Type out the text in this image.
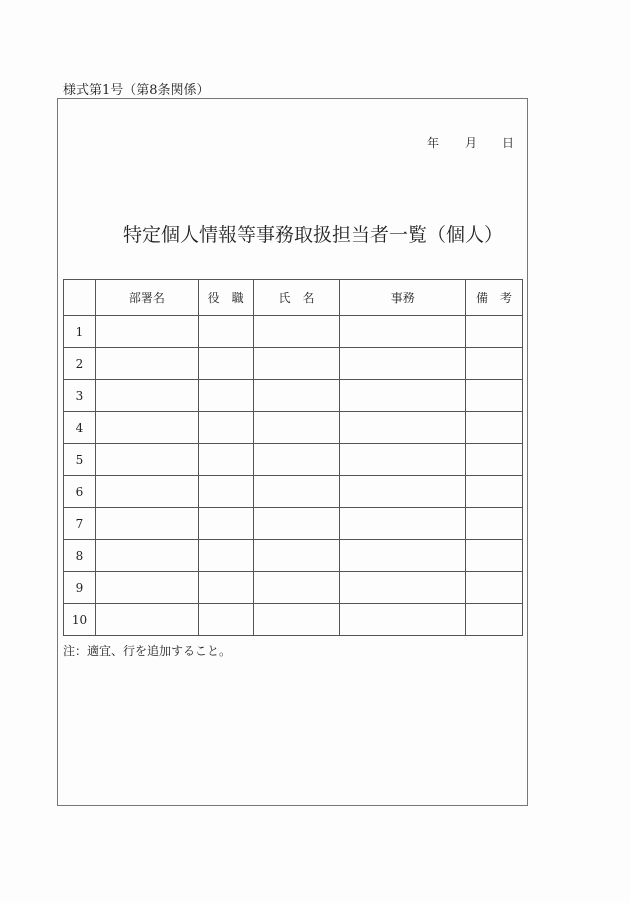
様式第1号（第8条関係）
年 月 日
特定個人情報等事務取扱担当者一覧（個人）
	部署名	役　職	氏　名	事務	備　考
1					
2					
3					
4					
5					
6					
7					
8					
9					
10					
注：適宜、行を追加すること。
